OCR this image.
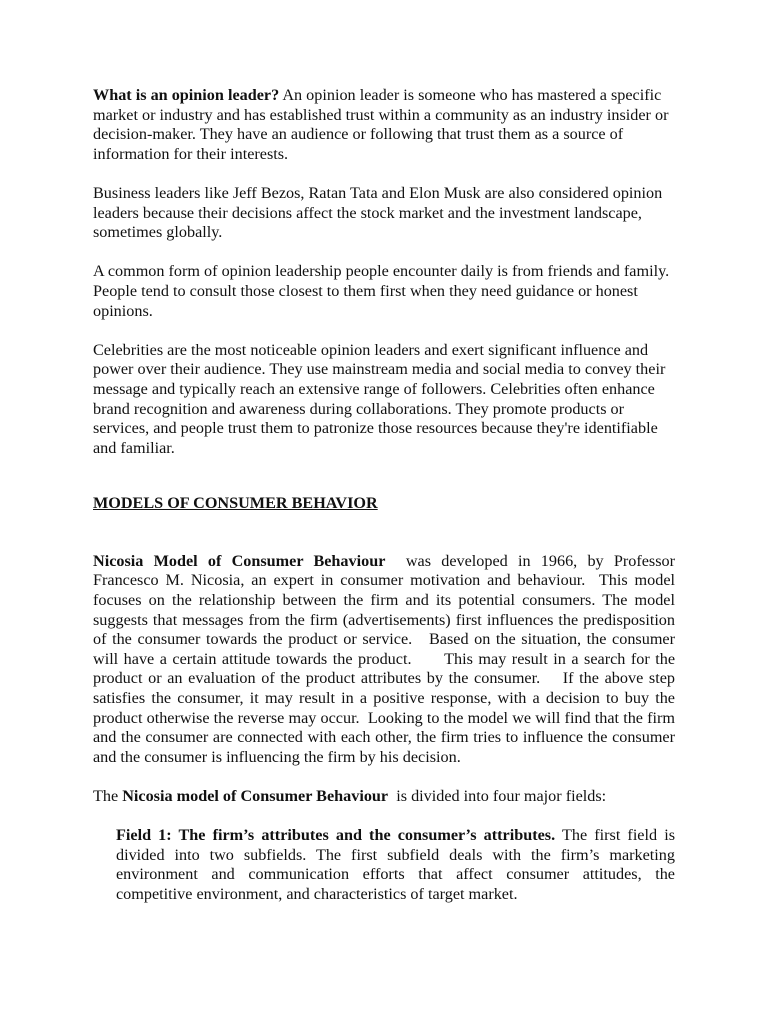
What is an opinion leader? An opinion leader is someone who has mastered a specific market or industry and has established trust within a community as an industry insider or decision-maker. They have an audience or following that trust them as a source of information for their interests.

Business leaders like Jeff Bezos, Ratan Tata and Elon Musk are also considered opinion leaders because their decisions affect the stock market and the investment landscape, sometimes globally.

A common form of opinion leadership people encounter daily is from friends and family. People tend to consult those closest to them first when they need guidance or honest opinions.

Celebrities are the most noticeable opinion leaders and exert significant influence and power over their audience. They use mainstream media and social media to convey their message and typically reach an extensive range of followers. Celebrities often enhance brand recognition and awareness during collaborations. They promote products or services, and people trust them to patronize those resources because they're identifiable and familiar.

MODELS OF CONSUMER BEHAVIOR

Nicosia Model of Consumer Behaviour  was developed in 1966, by Professor Francesco M. Nicosia, an expert in consumer motivation and behaviour.  This model focuses on the relationship between the firm and its potential consumers. The model suggests that messages from the firm (advertisements) first influences the predisposition of the consumer towards the product or service.   Based on the situation, the consumer will have a certain attitude towards the product.      This may result in a search for the product or an evaluation of the product attributes by the consumer.    If the above step satisfies the consumer, it may result in a positive response, with a decision to buy the product otherwise the reverse may occur.  Looking to the model we will find that the firm and the consumer are connected with each other, the firm tries to influence the consumer and the consumer is influencing the firm by his decision.

The Nicosia model of Consumer Behaviour  is divided into four major fields:

Field 1: The firm’s attributes and the consumer’s attributes. The first field is divided into two subfields. The first subfield deals with the firm’s marketing environment and communication efforts that affect consumer attitudes, the competitive environment, and characteristics of target market.
